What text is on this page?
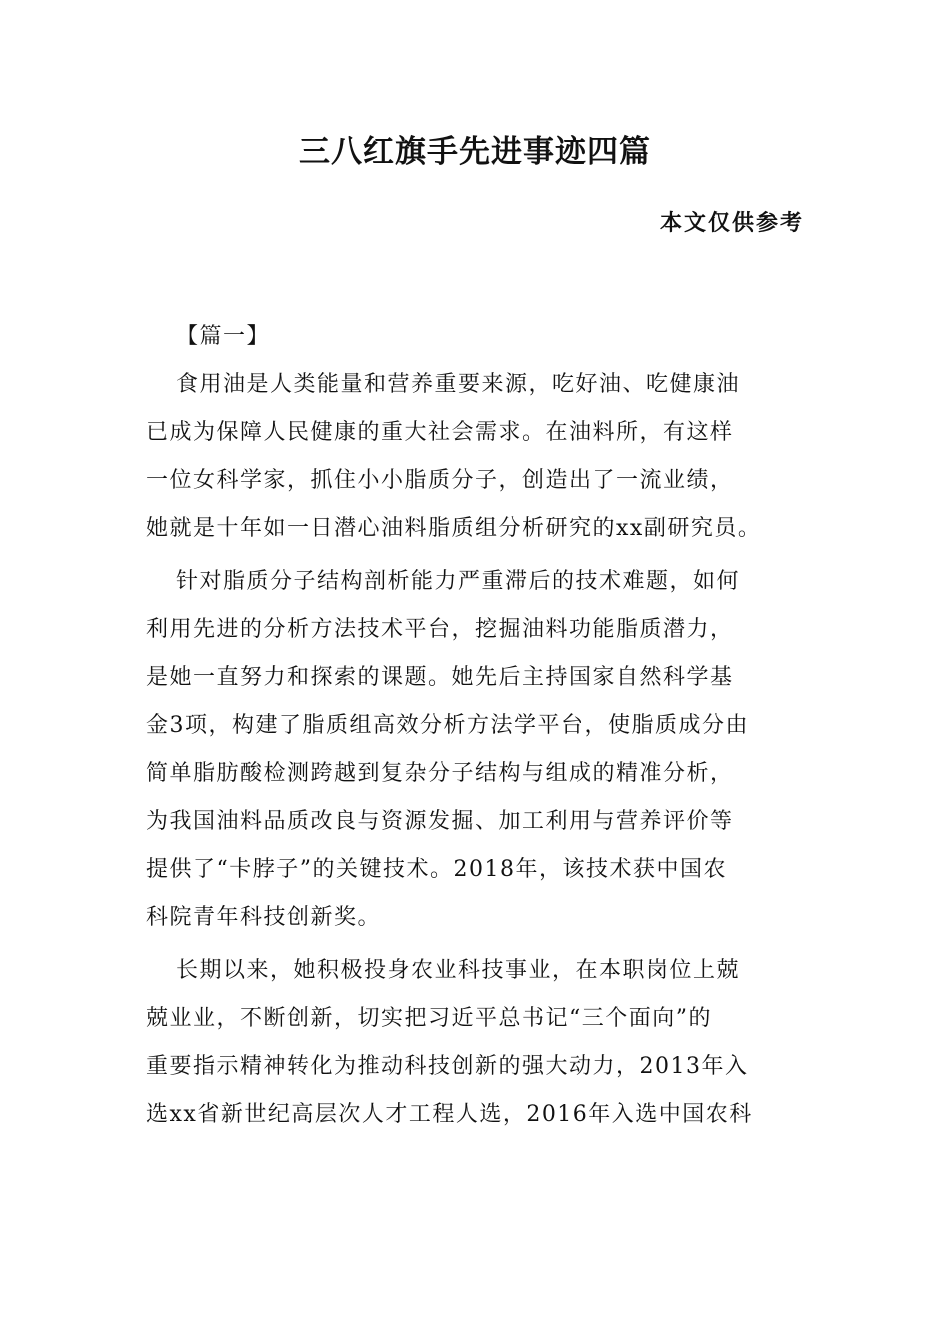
三八红旗手先进事迹四篇
本文仅供参考
【篇一】
食用油是人类能量和营养重要来源，吃好油、吃健康油
已成为保障人民健康的重大社会需求。在油料所，有这样
一位女科学家，抓住小小脂质分子，创造出了一流业绩，
她就是十年如一日潜心油料脂质组分析研究的xx副研究员。
针对脂质分子结构剖析能力严重滞后的技术难题，如何
利用先进的分析方法技术平台，挖掘油料功能脂质潜力，
是她一直努力和探索的课题。她先后主持国家自然科学基
金3项，构建了脂质组高效分析方法学平台，使脂质成分由
简单脂肪酸检测跨越到复杂分子结构与组成的精准分析，
为我国油料品质改良与资源发掘、加工利用与营养评价等
提供了“卡脖子”的关键技术。2018年，该技术获中国农
科院青年科技创新奖。
长期以来，她积极投身农业科技事业，在本职岗位上兢
兢业业，不断创新，切实把习近平总书记“三个面向”的
重要指示精神转化为推动科技创新的强大动力，2013年入
选xx省新世纪高层次人才工程人选，2016年入选中国农科
